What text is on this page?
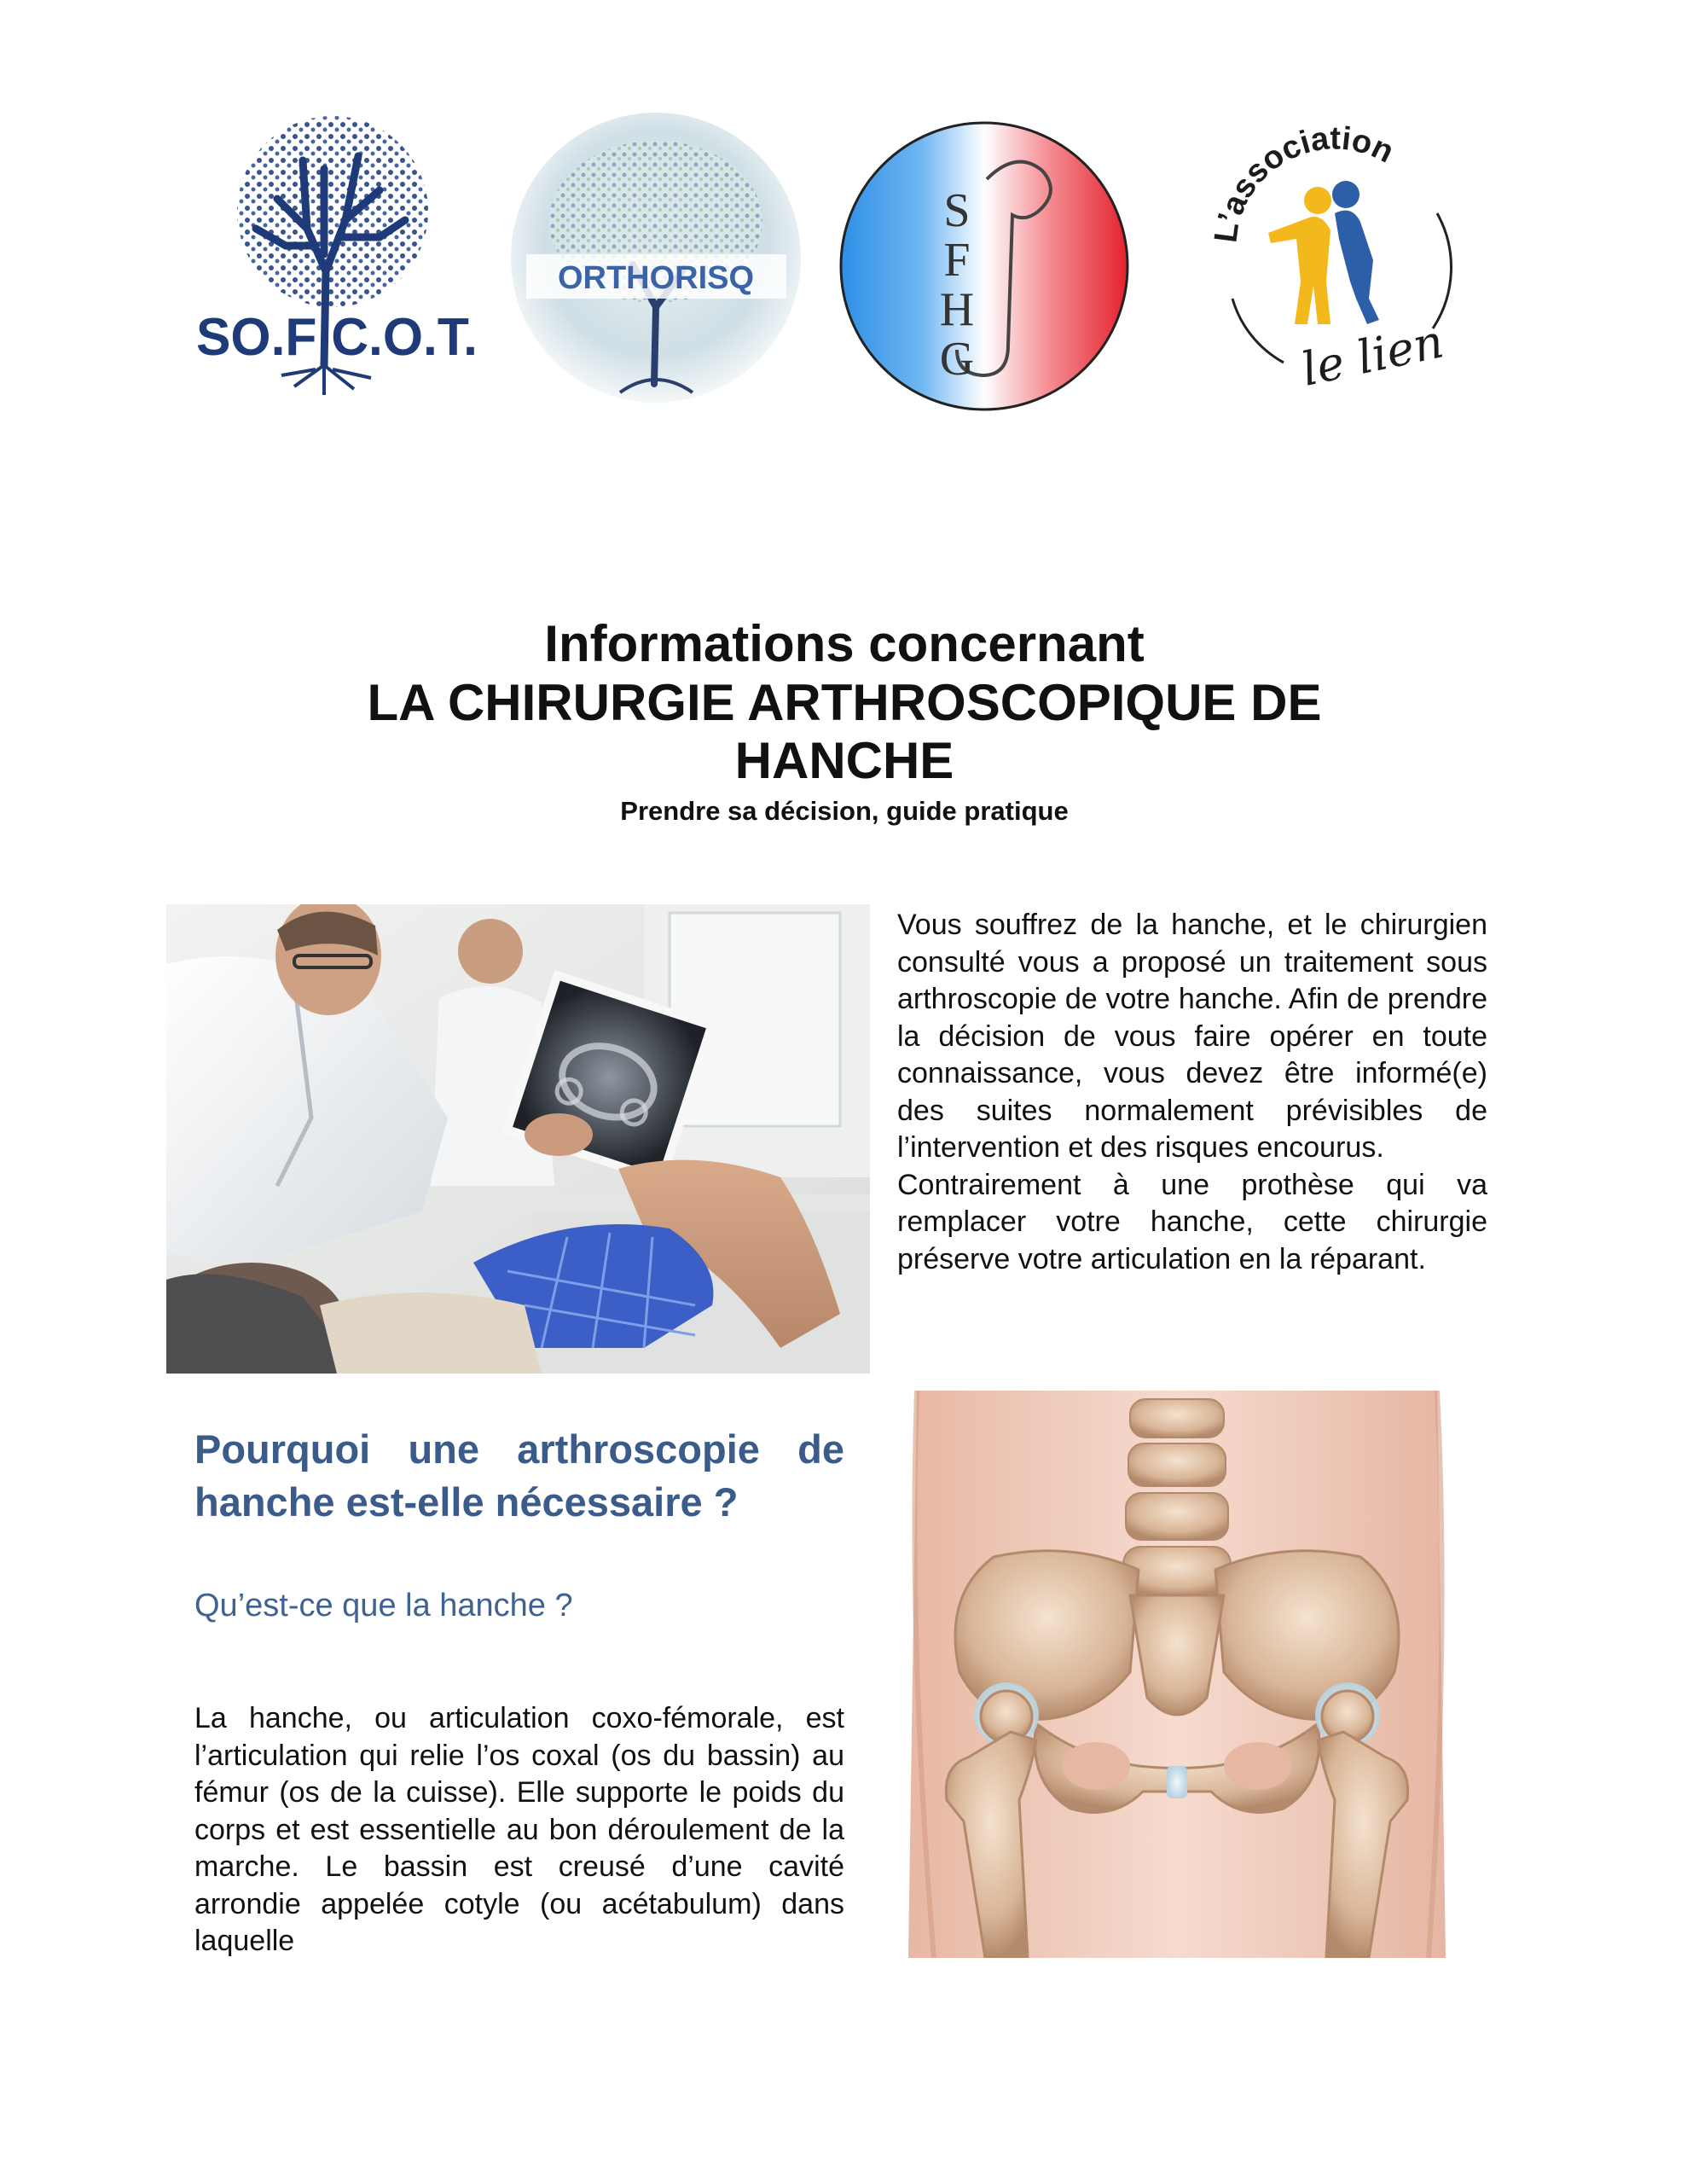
SO.F C.O.T.
ORTHORISQ
S
F
H
G
L’association
le lien
Informations concernant
LA CHIRURGIE ARTHROSCOPIQUE DE HANCHE
Prendre sa décision, guide pratique

Vous souffrez de la hanche, et le chirurgien consulté vous a proposé un traitement sous arthroscopie de votre hanche. Afin de prendre la décision de vous faire opérer en toute connaissance, vous devez être informé(e) des suites normalement prévisibles de l’intervention et des risques encourus.

Contrairement à une prothèse qui va remplacer votre hanche, cette chirurgie préserve votre articulation en la réparant.

Pourquoi une arthroscopie de hanche est-elle nécessaire ?
Qu’est-ce que la hanche ?
La hanche, ou articulation coxo-fémorale, est l’articulation qui relie l’os coxal (os du bassin) au fémur (os de la cuisse). Elle supporte le poids du corps et est essentielle au bon déroulement de la marche. Le bassin est creusé d’une cavité arrondie appelée cotyle (ou acétabulum) dans laquelle
